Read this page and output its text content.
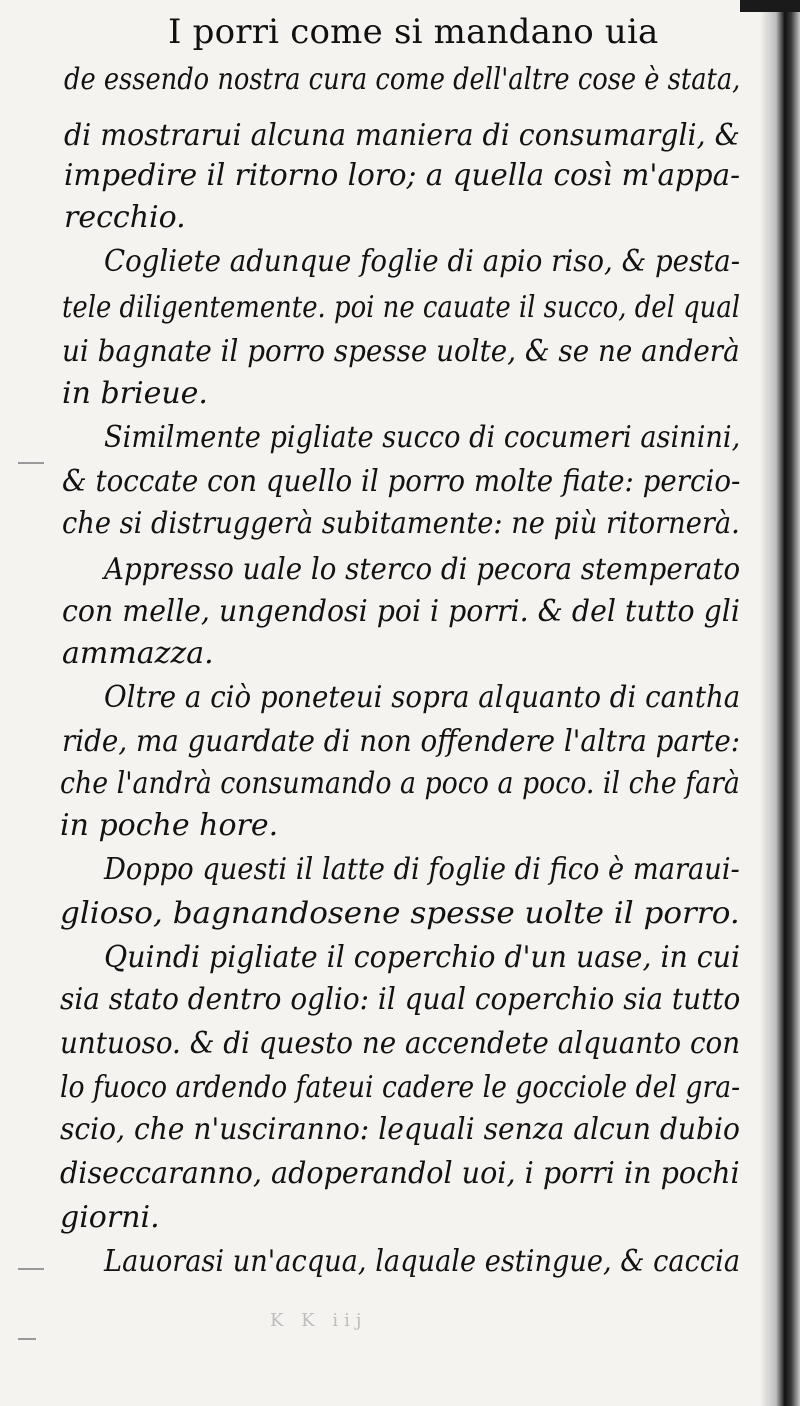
I porri come si mandano uia
de essendo nostra cura come dell'altre cose è stata,
di mostrarui alcuna maniera di consumargli, &
impedire il ritorno loro; a quella così m'appa-
recchio.
Cogliete adunque foglie di apio riso, & pesta-
tele diligentemente. poi ne cauate il succo, del qual
ui bagnate il porro spesse uolte, & se ne anderà
in brieue.
Similmente pigliate succo di cocumeri asinini,
& toccate con quello il porro molte fiate: percio-
che si distruggerà subitamente: ne più ritornerà.
Appresso uale lo sterco di pecora stemperato
con melle, ungendosi poi i porri. & del tutto gli
ammazza.
Oltre a ciò poneteui sopra alquanto di cantha
ride, ma guardate di non offendere l'altra parte:
che l'andrà consumando a poco a poco. il che farà
in poche hore.
Doppo questi il latte di foglie di fico è maraui-
glioso, bagnandosene spesse uolte il porro.
Quindi pigliate il coperchio d'un uase, in cui
sia stato dentro oglio: il qual coperchio sia tutto
untuoso. & di questo ne accendete alquanto con
lo fuoco ardendo fateui cadere le gocciole del gra-
scio, che n'usciranno: lequali senza alcun dubio
diseccaranno, adoperandol uoi, i porri in pochi
giorni.
Lauorasi un'acqua, laquale estingue, & caccia
K K iij
